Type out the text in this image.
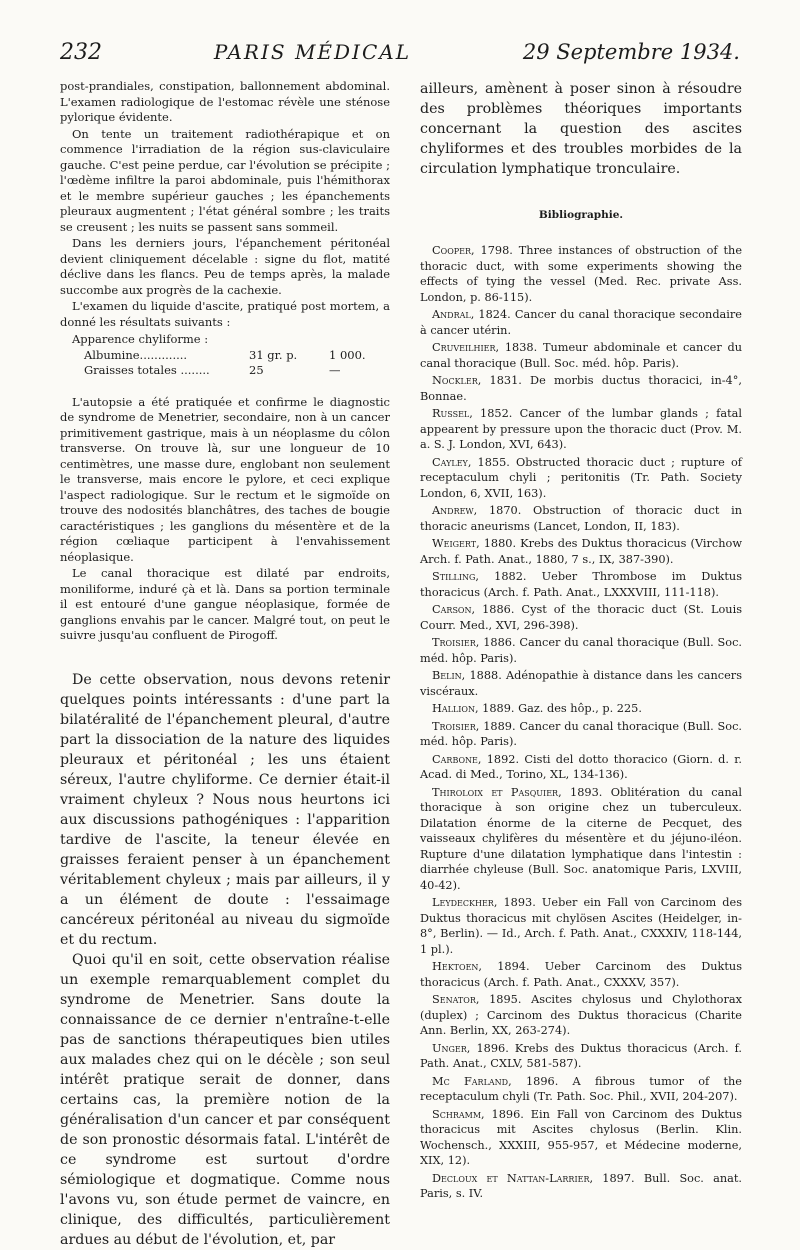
232	PARIS MÉDICAL	29 Septembre 1934.

post-prandiales, constipation, ballonnement abdominal. L'examen radiologique de l'estomac révèle une sténose pylorique évidente.

On tente un traitement radiothérapique et on commence l'irradiation de la région sus-claviculaire gauche. C'est peine perdue, car l'évolution se précipite ; l'œdème infiltre la paroi abdominale, puis l'hémithorax et le membre supérieur gauches ; les épanchements pleuraux augmentent ; l'état général sombre ; les traits se creusent ; les nuits se passent sans sommeil.

Dans les derniers jours, l'épanchement péritonéal devient cliniquement décelable : signe du flot, matité déclive dans les flancs. Peu de temps après, la malade succombe aux progrès de la cachexie.

L'examen du liquide d'ascite, pratiqué post mortem, a donné les résultats suivants :

Apparence chyliforme :
Albumine.............	31 gr. p.	1 000.
Graisses totales ........	25	—

L'autopsie a été pratiquée et confirme le diagnostic de syndrome de Menetrier, secondaire, non à un cancer primitivement gastrique, mais à un néoplasme du côlon transverse. On trouve là, sur une longueur de 10 centimètres, une masse dure, englobant non seulement le transverse, mais encore le pylore, et ceci explique l'aspect radiologique. Sur le rectum et le sigmoïde on trouve des nodosités blanchâtres, des taches de bougie caractéristiques ; les ganglions du mésentère et de la région cœliaque participent à l'envahissement néoplasique.

Le canal thoracique est dilaté par endroits, moniliforme, induré çà et là. Dans sa portion terminale il est entouré d'une gangue néoplasique, formée de ganglions envahis par le cancer. Malgré tout, on peut le suivre jusqu'au confluent de Pirogoff.

De cette observation, nous devons retenir quelques points intéressants : d'une part la bilatéralité de l'épanchement pleural, d'autre part la dissociation de la nature des liquides pleuraux et péritonéal ; les uns étaient séreux, l'autre chyliforme. Ce dernier était-il vraiment chyleux ? Nous nous heurtons ici aux discussions pathogéniques : l'apparition tardive de l'ascite, la teneur élevée en graisses feraient penser à un épanchement véritablement chyleux ; mais par ailleurs, il y a un élément de doute : l'essaimage cancéreux péritonéal au niveau du sigmoïde et du rectum.

Quoi qu'il en soit, cette observation réalise un exemple remarquablement complet du syndrome de Menetrier. Sans doute la connaissance de ce dernier n'entraîne-t-elle pas de sanctions thérapeutiques bien utiles aux malades chez qui on le décèle ; son seul intérêt pratique serait de donner, dans certains cas, la première notion de la généralisation d'un cancer et par conséquent de son pronostic désormais fatal. L'intérêt de ce syndrome est surtout d'ordre sémiologique et dogmatique. Comme nous l'avons vu, son étude permet de vaincre, en clinique, des difficultés, particulièrement ardues au début de l'évolution, et, par

ailleurs, amènent à poser sinon à résoudre des problèmes théoriques importants concernant la question des ascites chyliformes et des troubles morbides de la circulation lymphatique tronculaire.

Bibliographie.

Cooper, 1798. Three instances of obstruction of the thoracic duct, with some experiments showing the effects of tying the vessel (Med. Rec. private Ass. London, p. 86-115).

Andral, 1824. Cancer du canal thoracique secondaire à cancer utérin.

Cruveilhier, 1838. Tumeur abdominale et cancer du canal thoracique (Bull. Soc. méd. hôp. Paris).

Nockler, 1831. De morbis ductus thoracici, in-4°, Bonnae.

Russel, 1852. Cancer of the lumbar glands ; fatal appearent by pressure upon the thoracic duct (Prov. M. a. S. J. London, XVI, 643).

Cayley, 1855. Obstructed thoracic duct ; rupture of receptaculum chyli ; peritonitis (Tr. Path. Society London, 6, XVII, 163).

Andrew, 1870. Obstruction of thoracic duct in thoracic aneurisms (Lancet, London, II, 183).

Weigert, 1880. Krebs des Duktus thoracicus (Virchow Arch. f. Path. Anat., 1880, 7 s., IX, 387-390).

Stilling, 1882. Ueber Thrombose im Duktus thoracicus (Arch. f. Path. Anat., LXXXVIII, 111-118).

Carson, 1886. Cyst of the thoracic duct (St. Louis Courr. Med., XVI, 296-398).

Troisier, 1886. Cancer du canal thoracique (Bull. Soc. méd. hôp. Paris).

Belin, 1888. Adénopathie à distance dans les cancers viscéraux.

Hallion, 1889. Gaz. des hôp., p. 225.

Troisier, 1889. Cancer du canal thoracique (Bull. Soc. méd. hôp. Paris).

Carbone, 1892. Cisti del dotto thoracico (Giorn. d. r. Acad. di Med., Torino, XL, 134-136).

Thiroloix et Pasquier, 1893. Oblitération du canal thoracique à son origine chez un tuberculeux. Dilatation énorme de la citerne de Pecquet, des vaisseaux chylifères du mésentère et du jéjuno-iléon. Rupture d'une dilatation lymphatique dans l'intestin : diarrhée chyleuse (Bull. Soc. anatomique Paris, LXVIII, 40-42).

Leydeckher, 1893. Ueber ein Fall von Carcinom des Duktus thoracicus mit chylösen Ascites (Heidelger, in-8°, Berlin). — Id., Arch. f. Path. Anat., CXXXIV, 118-144, 1 pl.).

Hektoen, 1894. Ueber Carcinom des Duktus thoracicus (Arch. f. Path. Anat., CXXXV, 357).

Senator, 1895. Ascites chylosus und Chylothorax (duplex) ; Carcinom des Duktus thoracicus (Charite Ann. Berlin, XX, 263-274).

Unger, 1896. Krebs des Duktus thoracicus (Arch. f. Path. Anat., CXLV, 581-587).

Mc Farland, 1896. A fibrous tumor of the receptaculum chyli (Tr. Path. Soc. Phil., XVII, 204-207).

Schramm, 1896. Ein Fall von Carcinom des Duktus thoracicus mit Ascites chylosus (Berlin. Klin. Wochensch., XXXIII, 955-957, et Médecine moderne, XIX, 12).

Decloux et Nattan-Larrier, 1897. Bull. Soc. anat. Paris, s. IV.
